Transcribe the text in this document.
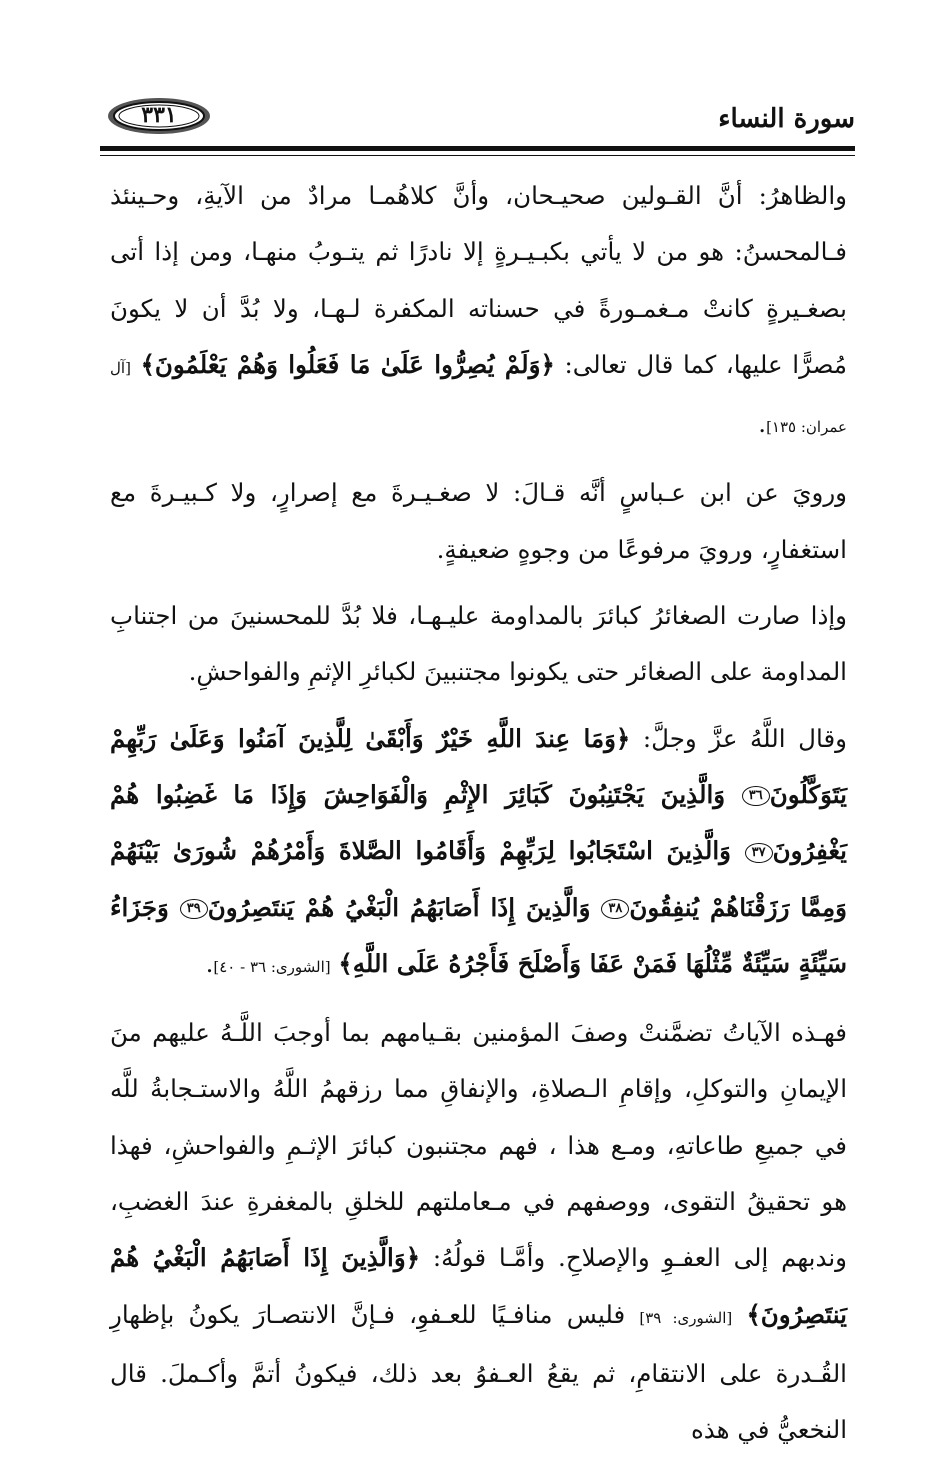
سورة النساء
٣٣١

والظاهرُ: أنَّ القـولين صحيـحان، وأنَّ كلاهُمـا مرادٌ من الآيةِ، وحـينئذ فـالمحسنُ: هو من لا يأتي بكبـيـرةٍ إلا نادرًا ثم يتـوبُ منهـا، ومن إذا أتى بصغـيرةٍ كانتْ مـغمـورةً في حسناته المكفرة لـهـا، ولا بُدَّ أن لا يكونَ مُصرًّا عليها، كما قال تعالى: ﴿وَلَمْ يُصِرُّوا عَلَىٰ مَا فَعَلُوا وَهُمْ يَعْلَمُونَ﴾ [آل عمران: ١٣٥].

ورويَ عن ابن عـباسٍ أنَّه قـالَ: لا صغـيـرةَ مع إصرارٍ، ولا كـبيـرةَ مع استغفارٍ، ورويَ مرفوعًا من وجوهٍ ضعيفةٍ.

وإذا صارت الصغائرُ كبائرَ بالمداومة عليـهـا، فلا بُدَّ للمحسنينَ من اجتنابِ المداومة على الصغائر حتى يكونوا مجتنبينَ لكبائرِ الإثمِ والفواحشِ.

وقال اللَّهُ عزَّ وجلَّ: ﴿وَمَا عِندَ اللَّهِ خَيْرٌ وَأَبْقَىٰ لِلَّذِينَ آمَنُوا وَعَلَىٰ رَبِّهِمْ يَتَوَكَّلُونَ٣٦ وَالَّذِينَ يَجْتَنِبُونَ كَبَائِرَ الإِثْمِ وَالْفَوَاحِشَ وَإِذَا مَا غَضِبُوا هُمْ يَغْفِرُونَ٣٧ وَالَّذِينَ اسْتَجَابُوا لِرَبِّهِمْ وَأَقَامُوا الصَّلاةَ وَأَمْرُهُمْ شُورَىٰ بَيْنَهُمْ وَمِمَّا رَزَقْنَاهُمْ يُنفِقُونَ٣٨ وَالَّذِينَ إِذَا أَصَابَهُمُ الْبَغْيُ هُمْ يَنتَصِرُونَ٣٩ وَجَزَاءُ سَيِّئَةٍ سَيِّئَةٌ مِّثْلُهَا فَمَنْ عَفَا وَأَصْلَحَ فَأَجْرُهُ عَلَى اللَّهِ﴾ [الشورى: ٣٦ - ٤٠].

فهـذه الآياتُ تضمَّنتْ وصفَ المؤمنين بقـيامهم بما أوجبَ اللَّـهُ عليهم منَ الإيمانِ والتوكلِ، وإقامِ الـصلاةِ، والإنفاقِ مما رزقهمُ اللَّهُ والاستـجابةُ للَّه في جميعِ طاعاتهِ، ومـع هذا ، فهم مجتنبون كبائرَ الإثـمِ والفواحشِ، فهذا هو تحقيقُ التقوى، ووصفهم في مـعاملتهم للخلقِ بالمغفرةِ عندَ الغضبِ، وندبهم إلى العفـوِ والإصلاحِ. وأمَّـا قولُهُ: ﴿وَالَّذِينَ إِذَا أَصَابَهُمُ الْبَغْيُ هُمْ يَنتَصِرُونَ﴾ [الشورى: ٣٩] فليس منافـيًا للعـفوِ، فـإنَّ الانتصـارَ يكونُ بإظهارِ القُـدرة على الانتقامِ، ثم يقعُ العـفوُ بعد ذلك، فيكونُ أتمَّ وأكـملَ. قال النخعيُّ في هذه
